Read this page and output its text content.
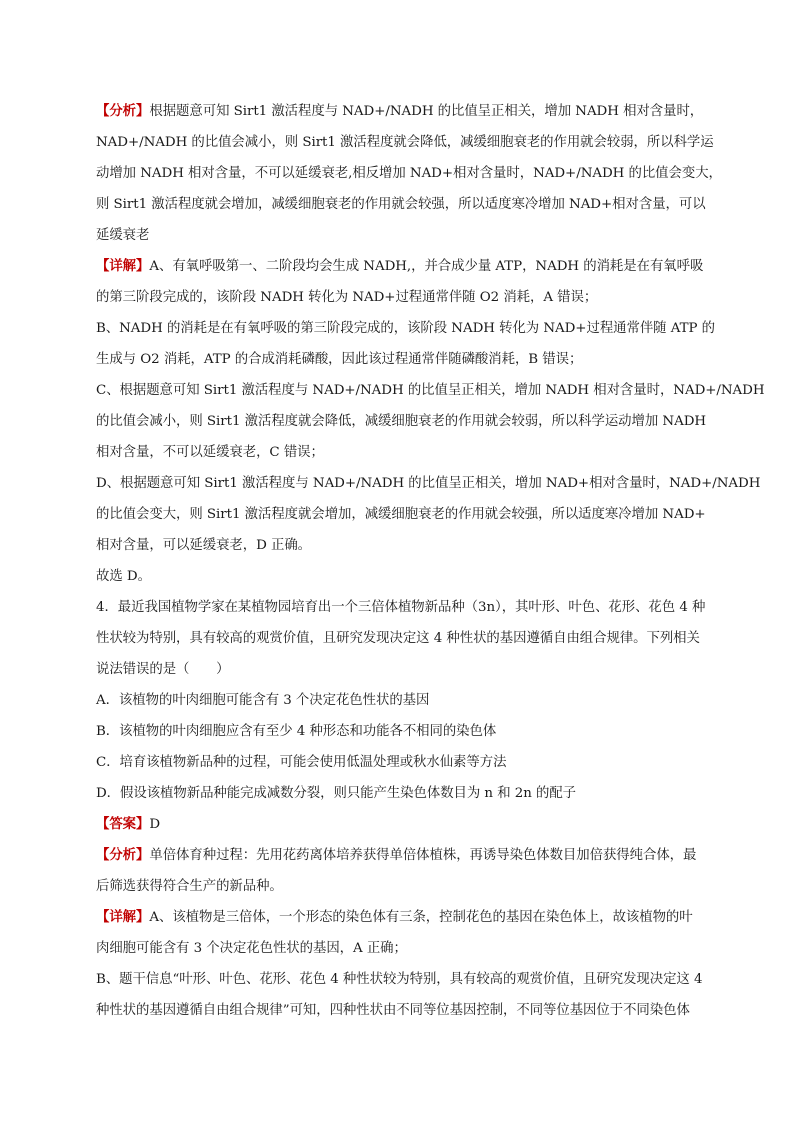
【分析】根据题意可知 Sirt1 激活程度与 NAD+/NADH 的比值呈正相关，增加 NADH 相对含量时，
NAD+/NADH 的比值会减小，则 Sirt1 激活程度就会降低，减缓细胞衰老的作用就会较弱，所以科学运
动增加 NADH 相对含量，不可以延缓衰老,相反增加 NAD+相对含量时，NAD+/NADH 的比值会变大，
则 Sirt1 激活程度就会增加，减缓细胞衰老的作用就会较强，所以适度寒冷增加 NAD+相对含量，可以
延缓衰老
【详解】A、有氧呼吸第一、二阶段均会生成 NADH,，并合成少量 ATP，NADH 的消耗是在有氧呼吸
的第三阶段完成的，该阶段 NADH 转化为 NAD+过程通常伴随 O2 消耗，A 错误；
B、NADH 的消耗是在有氧呼吸的第三阶段完成的，该阶段 NADH 转化为 NAD+过程通常伴随 ATP 的
生成与 O2 消耗，ATP 的合成消耗磷酸，因此该过程通常伴随磷酸消耗，B 错误；
C、根据题意可知 Sirt1 激活程度与 NAD+/NADH 的比值呈正相关，增加 NADH 相对含量时，NAD+/NADH
的比值会减小，则 Sirt1 激活程度就会降低，减缓细胞衰老的作用就会较弱，所以科学运动增加 NADH
相对含量，不可以延缓衰老，C 错误；
D、根据题意可知 Sirt1 激活程度与 NAD+/NADH 的比值呈正相关，增加 NAD+相对含量时，NAD+/NADH
的比值会变大，则 Sirt1 激活程度就会增加，减缓细胞衰老的作用就会较强，所以适度寒冷增加 NAD+
相对含量，可以延缓衰老，D 正确。
故选 D。
4．最近我国植物学家在某植物园培育出一个三倍体植物新品种（3n），其叶形、叶色、花形、花色 4 种
性状较为特别，具有较高的观赏价值，且研究发现决定这 4 种性状的基因遵循自由组合规律。下列相关
说法错误的是（　　）
A．该植物的叶肉细胞可能含有 3 个决定花色性状的基因
B．该植物的叶肉细胞应含有至少 4 种形态和功能各不相同的染色体
C．培育该植物新品种的过程，可能会使用低温处理或秋水仙素等方法
D．假设该植物新品种能完成减数分裂，则只能产生染色体数目为 n 和 2n 的配子
【答案】D
【分析】单倍体育种过程：先用花药离体培养获得单倍体植株，再诱导染色体数目加倍获得纯合体，最
后筛选获得符合生产的新品种。
【详解】A、该植物是三倍体，一个形态的染色体有三条，控制花色的基因在染色体上，故该植物的叶
肉细胞可能含有 3 个决定花色性状的基因，A 正确；
B、题干信息“叶形、叶色、花形、花色 4 种性状较为特别，具有较高的观赏价值，且研究发现决定这 4
种性状的基因遵循自由组合规律”可知，四种性状由不同等位基因控制，不同等位基因位于不同染色体
